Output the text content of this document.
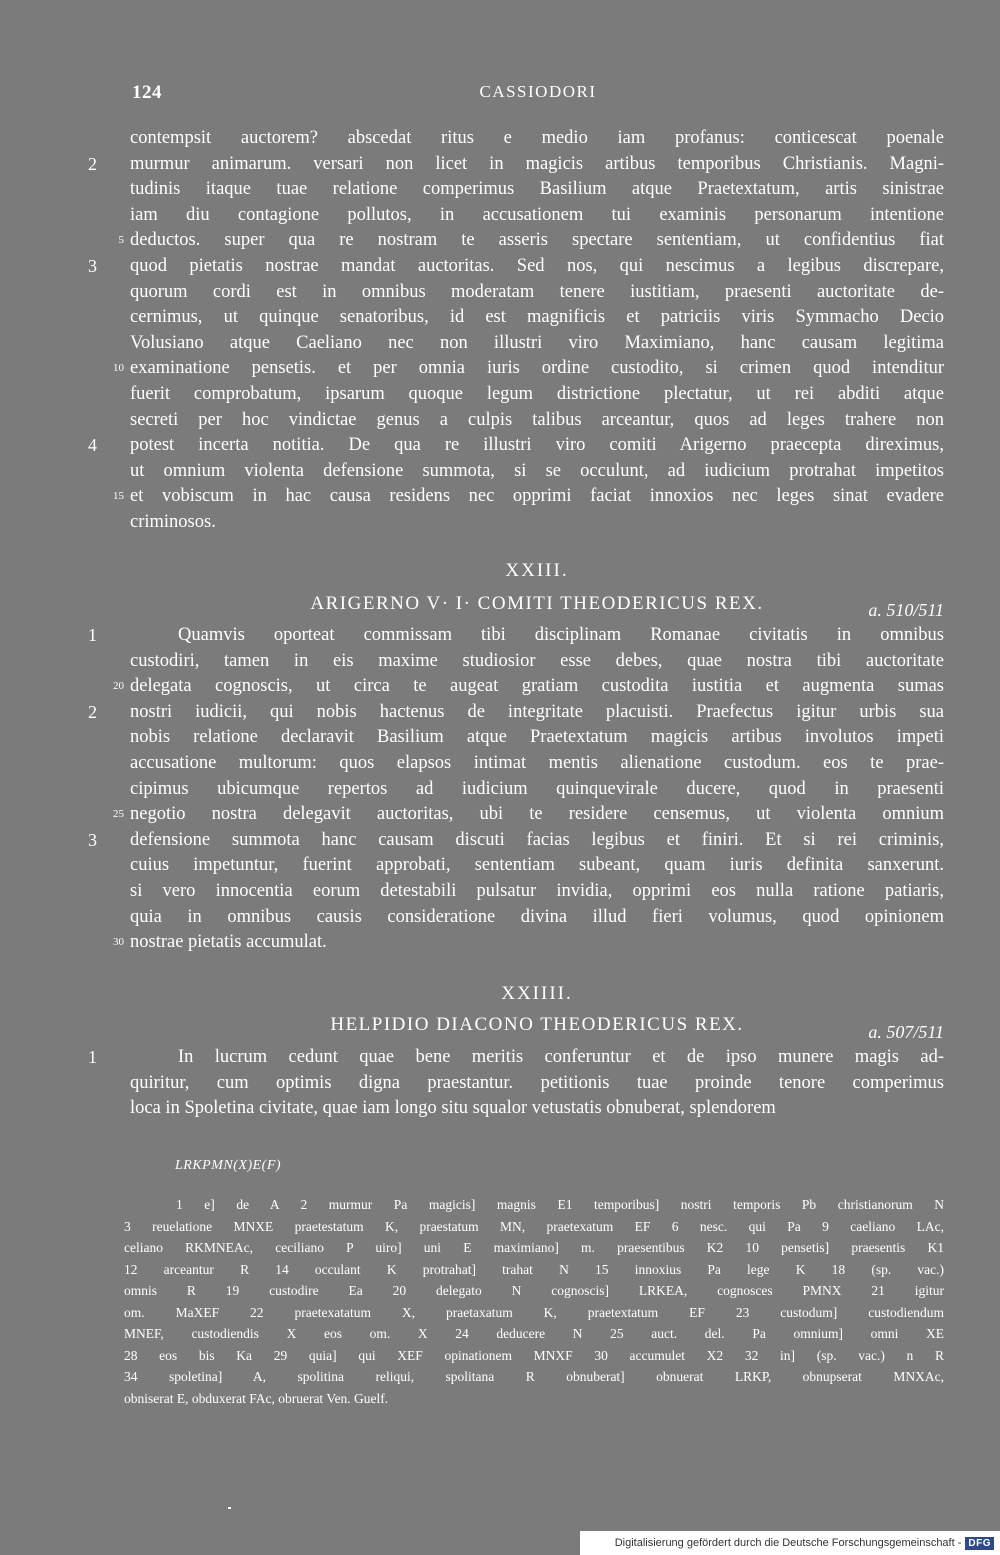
124	CASSIODORI
contempsit auctorem? abscedat ritus e medio iam profanus: conticescat poenale
2 murmur animarum. versari non licet in magicis artibus temporibus Christianis. Magni-
tudinis itaque tuae relatione comperimus Basilium atque Praetextatum, artis sinistrae
iam diu contagione pollutos, in accusationem tui examinis personarum intentione
5 deductos. super qua re nostram te asseris spectare sententiam, ut confidentius fiat
3 quod pietatis nostrae mandat auctoritas. Sed nos, qui nescimus a legibus discrepare,
quorum cordi est in omnibus moderatam tenere iustitiam, praesenti auctoritate de-
cernimus, ut quinque senatoribus, id est magnificis et patriciis viris Symmacho Decio
Volusiano atque Caeliano nec non illustri viro Maximiano, hanc causam legitima
10 examinatione pensetis. et per omnia iuris ordine custodito, si crimen quod intenditur
fuerit comprobatum, ipsarum quoque legum districtione plectatur, ut rei abditi atque
secreti per hoc vindictae genus a culpis talibus arceantur, quos ad leges trahere non
4 potest incerta notitia. De qua re illustri viro comiti Arigerno praecepta direximus,
ut omnium violenta defensione summota, si se occulunt, ad iudicium protrahat impetitos
15 et vobiscum in hac causa residens nec opprimi faciat innoxios nec leges sinat evadere
criminosos.
XXIII.
ARIGERNO V· I· COMITI THEODERICUS REX.	a. 510/511
1	Quamvis oporteat commissam tibi disciplinam Romanae civitatis in omnibus
custodiri, tamen in eis maxime studiosior esse debes, quae nostra tibi auctoritate
20 delegata cognoscis, ut circa te augeat gratiam custodita iustitia et augmenta sumas
2 nostri iudicii, qui nobis hactenus de integritate placuisti. Praefectus igitur urbis sua
nobis relatione declaravit Basilium atque Praetextatum magicis artibus involutos impeti
accusatione multorum: quos elapsos intimat mentis alienatione custodum. eos te prae-
cipimus ubicumque repertos ad iudicium quinquevirale ducere, quod in praesenti
25 negotio nostra delegavit auctoritas, ubi te residere censemus, ut violenta omnium
3 defensione summota hanc causam discuti facias legibus et finiri. Et si rei criminis,
cuius impetuntur, fuerint approbati, sententiam subeant, quam iuris definita sanxerunt.
si vero innocentia eorum detestabili pulsatur invidia, opprimi eos nulla ratione patiaris,
quia in omnibus causis consideratione divina illud fieri volumus, quod opinionem
30 nostrae pietatis accumulat.
XXIIII.
HELPIDIO DIACONO THEODERICUS REX.	a. 507/511
1	In lucrum cedunt quae bene meritis conferuntur et de ipso munere magis ad-
quiritur, cum optimis digna praestantur. petitionis tuae proinde tenore comperimus
loca in Spoletina civitate, quae iam longo situ squalor vetustatis obnuberat, splendorem
LRKPMN(X)E(F)
1 e] de A 2 murmur Pa magicis] magnis E1 temporibus] nostri temporis Pb christianorum N
3 reuelatione MNXE praetestatum K, praestatum MN, praetexatum EF 6 nesc. qui Pa 9 caeliano LAc,
celiano RKMNEAc, ceciliano P uiro] uni E maximiano] m. praesentibus K2 10 pensetis] praesentis K1
12 arceantur R 14 occulant K protrahat] trahat N 15 innoxius Pa lege K 18 (sp. vac.)
omnis R 19 custodire Ea 20 delegato N cognoscis] LRKEA, cognosces PMNX 21 igitur
om. MaXEF 22 praetexatatum X, praetaxatum K, praetextatum EF 23 custodum] custodiendum
MNEF, custodiendis X eos om. X 24 deducere N 25 auct. del. Pa omnium] omni XE
28 eos bis Ka 29 quia] qui XEF opinationem MNXF 30 accumulet X2 32 in] (sp. vac.) n R
34 spoletina] A, spolitina reliqui, spolitana R obnuberat] obnuerat LRKP, obnupserat MNXAc,
obniserat E, obduxerat FAc, obruerat Ven. Guelf.
Digitalisierung gefördert durch die Deutsche Forschungsgemeinschaft - DFG
